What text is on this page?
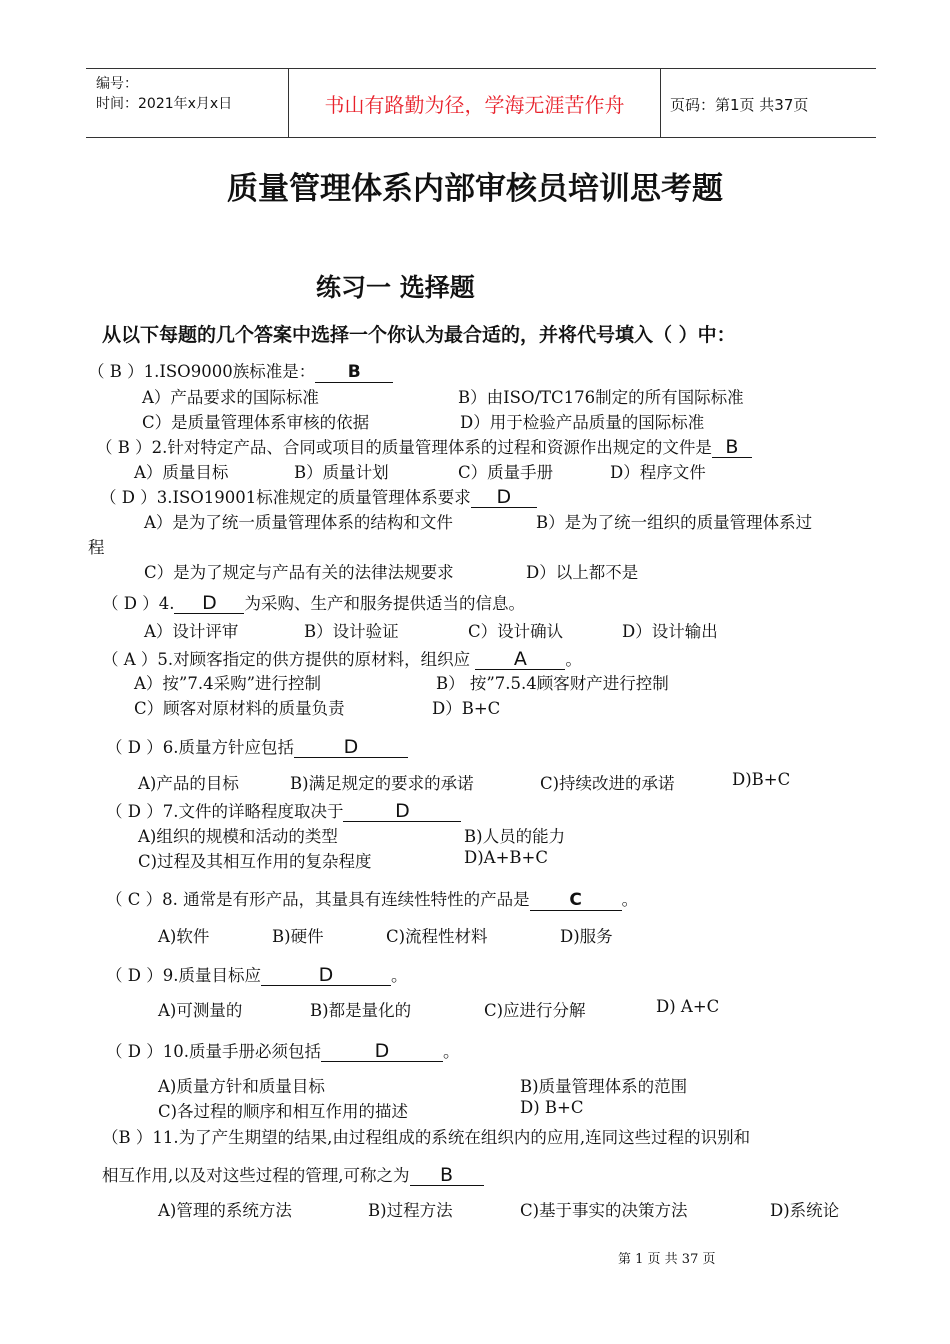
编号：
时间：2021年x月x日	书山有路勤为径，学海无涯苦作舟	页码：第1页 共37页
质量管理体系内部审核员培训思考题
练习一 选择题
从以下每题的几个答案中选择一个你认为最合适的，并将代号填入（ ）中：
（ B ）1.ISO9000族标准是： B
A）产品要求的国际标准	B）由ISO/TC176制定的所有国际标准
C）是质量管理体系审核的依据	D）用于检验产品质量的国际标准
（ B ）2.针对特定产品、合同或项目的质量管理体系的过程和资源作出规定的文件是 B
A）质量目标	B）质量计划	C）质量手册	D）程序文件
（ D ）3.ISO19001标准规定的质量管理体系要求 D
A）是为了统一质量管理体系的结构和文件	B）是为了统一组织的质量管理体系过
程
C）是为了规定与产品有关的法律法规要求	D）以上都不是
（ D ）4. D 为采购、生产和服务提供适当的信息。
A）设计评审	B）设计验证	C）设计确认	D）设计输出
（ A ）5.对顾客指定的供方提供的原材料，组织应 A 。
A）按”7.4采购”进行控制	B） 按”7.5.4顾客财产进行控制
C）顾客对原材料的质量负责	D）B+C
（ D ）6.质量方针应包括	D
A)产品的目标	B)满足规定的要求的承诺	C)持续改进的承诺	D)B+C
（ D ）7.文件的详略程度取决于	D
A)组织的规模和活动的类型	B)人员的能力
C)过程及其相互作用的复杂程度	D)A+B+C
（ C ）8. 通常是有形产品，其量具有连续性特性的产品是 C 。
A)软件	B)硬件	C)流程性材料	D)服务
（ D ）9.质量目标应	D	。
A)可测量的	B)都是量化的	C)应进行分解	D) A+C
（ D ）10.质量手册必须包括	D	。
A)质量方针和质量目标	B)质量管理体系的范围
C)各过程的顺序和相互作用的描述	D) B+C
（B ）11.为了产生期望的结果,由过程组成的系统在组织内的应用,连同这些过程的识别和
相互作用,以及对这些过程的管理,可称之为 B
A)管理的系统方法	B)过程方法	C)基于事实的决策方法	D)系统论
第 1 页 共 37 页
